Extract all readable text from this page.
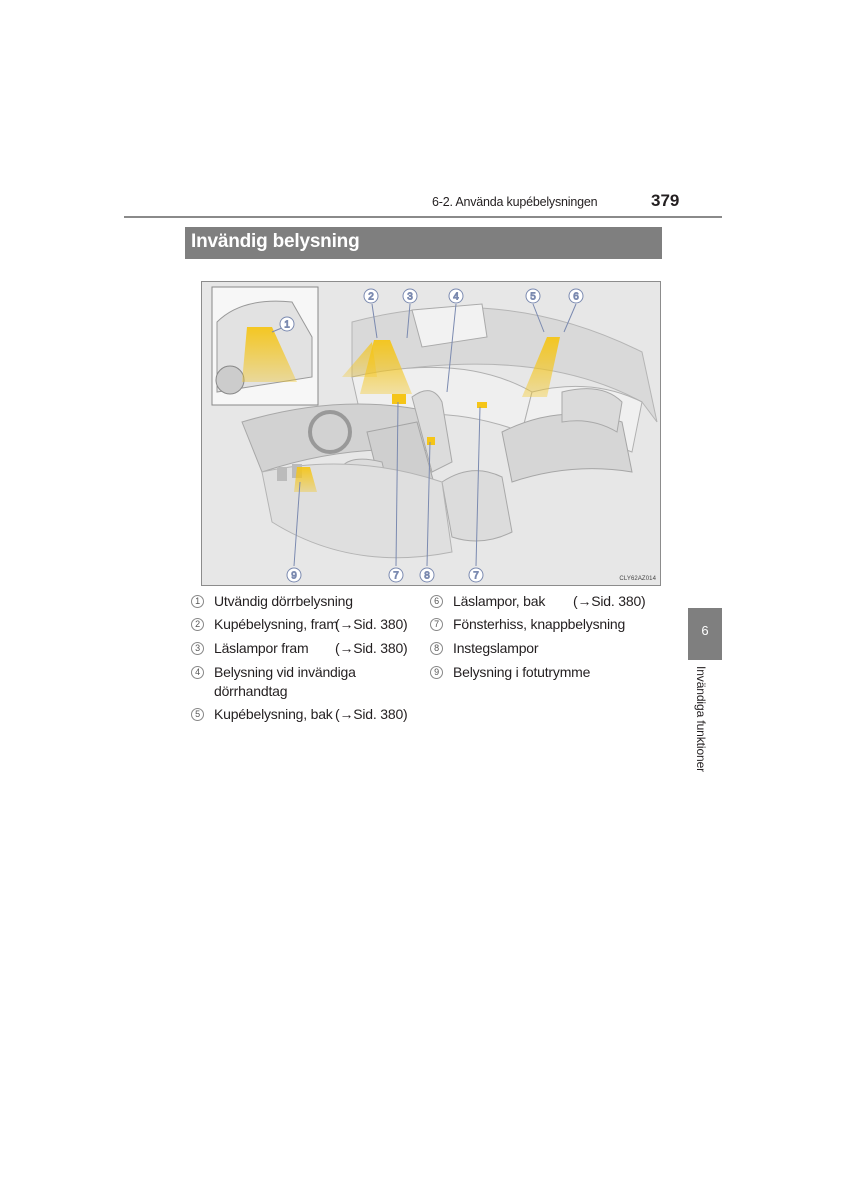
6-2. Använda kupébelysningen	379
Invändig belysning
1
2	3	4	5	6
7	7
8
9	CLY62AZ014
1 Utvändig dörrbelysning
2 Kupébelysning, fram
(→Sid. 380)
3 Läslampor fram (→Sid. 380)
4 Belysning vid invändiga
dörrhandtag
5 Kupébelysning, bak (→Sid. 380)
6 Läslampor, bak (→Sid. 380)
7 Fönsterhiss, knappbelysning
8 Instegslampor
9 Belysning i fotutrymme
6
Invändiga funktioner
